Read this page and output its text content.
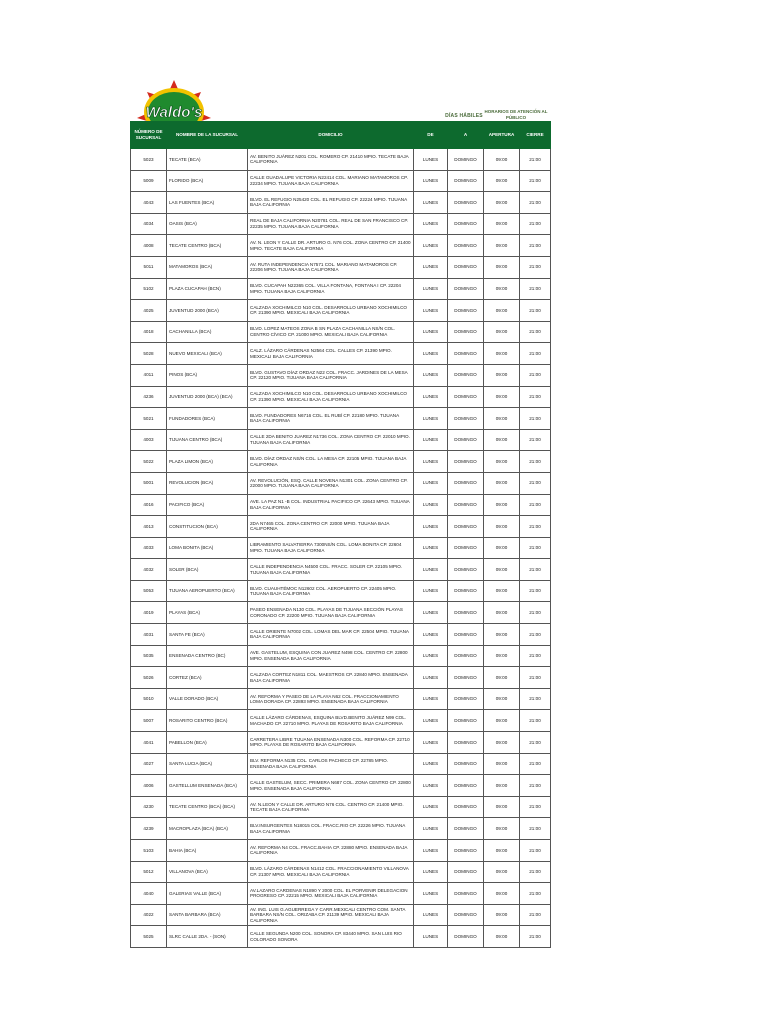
Waldo's	DÍAS HÁBILES
HORARIOS DE ATENCIÓN AL PÚBLICO
NÚMERO DE SUCURSAL	NOMBRE DE LA SUCURSAL	DOMICILIO	DE	A	APERTURA	CIERRE
5023	TECATE (BCA)	AV. BENITO JUÁREZ N201 COL. ROMERO CP. 21410 MPIO. TECATE BAJA CALIFORNIA	LUNES	DOMINGO	09:00	21:00
5009	FLORIDO (BCA)	CALLE GUADALUPE VICTORIA N22414 COL. MARIANO MATAMOROS CP. 22234 MPIO. TIJUANA BAJA CALIFORNIA	LUNES	DOMINGO	09:00	21:00
4043	LAS FUENTES (BCA)	BLVD. EL REFUGIO N25420 COL. EL REFUGIO CP. 22224 MPIO. TIJUANA BAJA CALIFORNIA	LUNES	DOMINGO	09:00	21:00
4034	OASIS (BCA)	REAL DE BAJA CALIFORNIA N20781 COL. REAL DE SAN FRANCISCO CP. 22235 MPIO. TIJUANA BAJA CALIFORNIA	LUNES	DOMINGO	09:00	21:00
4008	TECATE CENTRO (BCA)	AV. N. LEON Y CALLE DR. ARTURO G. N76 COL. ZONA CENTRO CP. 21400 MPIO. TECATE BAJA CALIFORNIA	LUNES	DOMINGO	09:00	21:00
5011	MATAMOROS (BCA)	AV. RUTA INDEPENDENCIA N7571 COL. MARIANO MATAMOROS CP. 22206 MPIO. TIJUANA BAJA CALIFORNIA	LUNES	DOMINGO	09:00	21:00
5102	PLAZA CUCAPAH (BCN)	BLVD. CUCAPAH N22365 COL. VILLA FONTANA, FONTANA I CP. 22204 MPIO. TIJUANA BAJA CALIFORNIA	LUNES	DOMINGO	09:00	21:00
4025	JUVENTUD 2000 (BCA)	CALZADA XOCHIMILCO N10 COL. DESARROLLO URBANO XOCHIMILCO CP. 21390 MPIO. MEXICALI BAJA CALIFORNIA	LUNES	DOMINGO	09:00	21:00
4018	CACHANILLA (BCA)	BLVD. LOPEZ MATEOS ZONA B SN PLAZA CACHANILLA NS/N COL. CENTRO CÍVICO CP. 21000 MPIO. MEXICALI BAJA CALIFORNIA	LUNES	DOMINGO	09:00	21:00
5028	NUEVO MEXICALI (BCA)	CALZ. LÁZARO CÁRDENAS N2564 COL. CALLES CP. 21390 MPIO. MEXICALI BAJA CALIFORNIA	LUNES	DOMINGO	09:00	21:00
4011	PINOS (BCA)	BLVD. GUSTAVO DÍAZ ORDAZ N22 COL. FRACC. JARDINES DE LA MESA CP. 22120 MPIO. TIJUANA BAJA CALIFORNIA	LUNES	DOMINGO	09:00	21:00
4236	JUVENTUD 2000 (BCA) (BCA)	CALZADA XOCHIMILCO N10 COL. DESARROLLO URBANO XOCHIMILCO CP. 21390 MPIO. MEXICALI BAJA CALIFORNIA	LUNES	DOMINGO	09:00	21:00
5021	FUNDADORES (BCA)	BLVD. FUNDADORES N6716 COL. EL RUBÍ CP. 22180 MPIO. TIJUANA BAJA CALIFORNIA	LUNES	DOMINGO	09:00	21:00
4003	TIJUANA CENTRO (BCA)	CALLE 2DA BENITO JUAREZ N1736 COL. ZONA CENTRO CP. 22010 MPIO. TIJUANA BAJA CALIFORNIA	LUNES	DOMINGO	09:00	21:00
5022	PLAZA LIMON (BCA)	BLVD. DÍAZ ORDAZ NS/N COL. LA MESA CP. 22105 MPIO. TIJUANA BAJA CALIFORNIA	LUNES	DOMINGO	09:00	21:00
5001	REVOLUCION (BCA)	AV. REVOLUCIÓN, ESQ. CALLE NOVENA N1301 COL. ZONA CENTRO CP. 22000 MPIO. TIJUANA BAJA CALIFORNIA	LUNES	DOMINGO	09:00	21:00
4016	PACIFICO (BCA)	AVE. LA PAZ N1 -B COL. INDUSTRIAL PACIFICO CP. 22643 MPIO. TIJUANA BAJA CALIFORNIA	LUNES	DOMINGO	09:00	21:00
4013	CONSTITUCION (BCA)	2DA N7465 COL. ZONA CENTRO CP. 22000 MPIO. TIJUANA BAJA CALIFORNIA	LUNES	DOMINGO	09:00	21:00
4033	LOMA BONITA (BCA)	LIBRAMIENTO SALVATIERRA 7300NS/N COL. LOMA BONITA CP. 22604 MPIO. TIJUANA BAJA CALIFORNIA	LUNES	DOMINGO	09:00	21:00
4032	SOLER (BCA)	CALLE INDEPENDENCIA N4500 COL. FRACC. SOLER CP. 22105 MPIO. TIJUANA BAJA CALIFORNIA	LUNES	DOMINGO	09:00	21:00
5053	TIJUANA AEROPUERTO (BCA)	BLVD. CUAUHTÉMOC N12602 COL. AEROPUERTO CP. 22405 MPIO. TIJUANA BAJA CALIFORNIA	LUNES	DOMINGO	09:00	21:00
4019	PLAYAS (BCA)	PASEO ENSENADA N130 COL. PLAYAS DE TIJUANA SECCIÓN PLAYAS CORONADO CP. 22200 MPIO. TIJUANA BAJA CALIFORNIA	LUNES	DOMINGO	09:00	21:00
4031	SANTA FE (BCA)	CALLE ORIENTE N7002 COL. LOMAS DEL MAR CP. 22504 MPIO. TIJUANA BAJA CALIFORNIA	LUNES	DOMINGO	09:00	21:00
5035	ENSENADA CENTRO (BC)	AVE. GASTELUM, ESQUINA CON JUAREZ N498 COL. CENTRO CP. 22800 MPIO. ENSENADA BAJA CALIFORNIA	LUNES	DOMINGO	09:00	21:00
5026	CORTEZ (BCA)	CALZADA CORTEZ N1811 COL. MAESTROS CP. 22840 MPIO. ENSENADA BAJA CALIFORNIA	LUNES	DOMINGO	09:00	21:00
5010	VALLE DORADO (BCA)	AV. REFORMA Y PASEO DE LA PLAYA N62 COL. FRACCIONAMIENTO LOMA DORADA CP. 22893 MPIO. ENSENADA BAJA CALIFORNIA	LUNES	DOMINGO	09:00	21:00
5007	ROSARITO CENTRO (BCA)	CALLE LÁZARO CÁRDENAS, ESQUINA BLVD.BENITO JUÁREZ N99 COL. MACHADO CP. 22710 MPIO. PLAYAS DE ROSARITO BAJA CALIFORNIA	LUNES	DOMINGO	09:00	21:00
4041	PABELLON (BCA)	CARRETERA LIBRE TIJUANA ENSENADA N300 COL. REFORMA CP. 22710 MPIO. PLAYAS DE ROSARITO BAJA CALIFORNIA	LUNES	DOMINGO	09:00	21:00
4027	SANTA LUCIA (BCA)	BLV. REFORMA N135 COL. CARLOS PACHECO CP. 22785 MPIO. ENSENADA BAJA CALIFORNIA	LUNES	DOMINGO	09:00	21:00
4006	GASTELLUM ENSENADA (BCA)	CALLE GASTELUM, SECC. PRIMERA N687 COL. ZONA CENTRO CP. 22800 MPIO. ENSENADA BAJA CALIFORNIA	LUNES	DOMINGO	09:00	21:00
4230	TECATE CENTRO (BCA) (BCA)	AV. N.LEON Y CALLE DR. ARTURO N76 COL. CENTRO CP. 21400 MPIO. TECATE BAJA CALIFORNIA	LUNES	DOMINGO	09:00	21:00
4239	MACROPLAZA (BCA) (BCA)	BLV.INSURGENTES N18015 COL. FRACC.RIO CP. 22226 MPIO. TIJUANA BAJA CALIFORNIA	LUNES	DOMINGO	09:00	21:00
5103	BAHIA (BCA)	AV. REFORMA N4 COL. FRACC.BAHIA CP. 22880 MPIO. ENSENADA BAJA CALIFORNIA	LUNES	DOMINGO	09:00	21:00
5012	VILLANOVA (BCA)	BLVD. LÁZARO CÁRDENAS N1412 COL. FRACCIONAMIENTO VILLANOVA CP. 21307 MPIO. MEXICALI BAJA CALIFORNIA	LUNES	DOMINGO	09:00	21:00
4040	GALERIAS VALLE (BCA)	AV.LAZARO CARDENAS N1890 Y 2000 COL. EL PORVENIR DELEGACION PROGRESO CP. 22215 MPIO. MEXICALI BAJA CALIFORNIA	LUNES	DOMINGO	09:00	21:00
4022	SANTA BARBARA (BCA)	AV. ING. LUIS G.AGUERREGA Y CARR.MEXICALI CENTRO COM. SANTA BARBARA NS/N COL. ORIZABA CP. 21139 MPIO. MEXICALI BAJA CALIFORNIA	LUNES	DOMINGO	09:00	21:00
5025	SLRC CALLE 2DA. - (SON)	CALLE SEGUNDA N200 COL. SONORA CP. 83440 MPIO. SAN LUIS RIO COLORADO SONORA	LUNES	DOMINGO	09:00	21:00
